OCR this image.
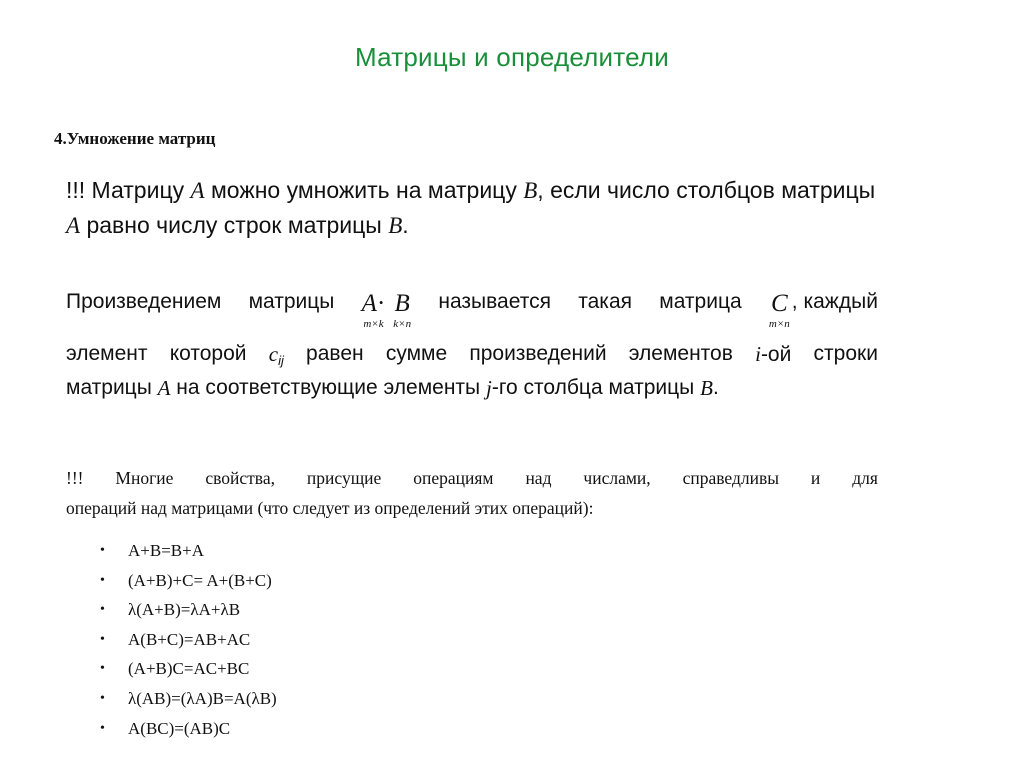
Матрицы и определители
4.Умножение матриц
!!! Матрицу A можно умножить на матрицу B, если число столбцов матрицы
A равно числу строк матрицы B.
Произведением матрицы A·
m×k
B
k×n
называется такая матрица C
m×n
, каждый
элемент которой cij равен сумме произведений элементов i-ой строки
матрицы A на соответствующие элементы j -го столбца матрицы B .
!!! Многие свойства, присущие операциям над числами, справедливы и для
операций над матрицами (что следует из определений этих операций):
• A+B=B+A
• (A+B)+C= A+(B+C)
• λ(A+B)=λA+λB
• A(B+C)=AB+AC
• (A+B)C=AC+BC
• λ(AB)=(λA)B=A(λB)
• A(BC)=(AB)C
